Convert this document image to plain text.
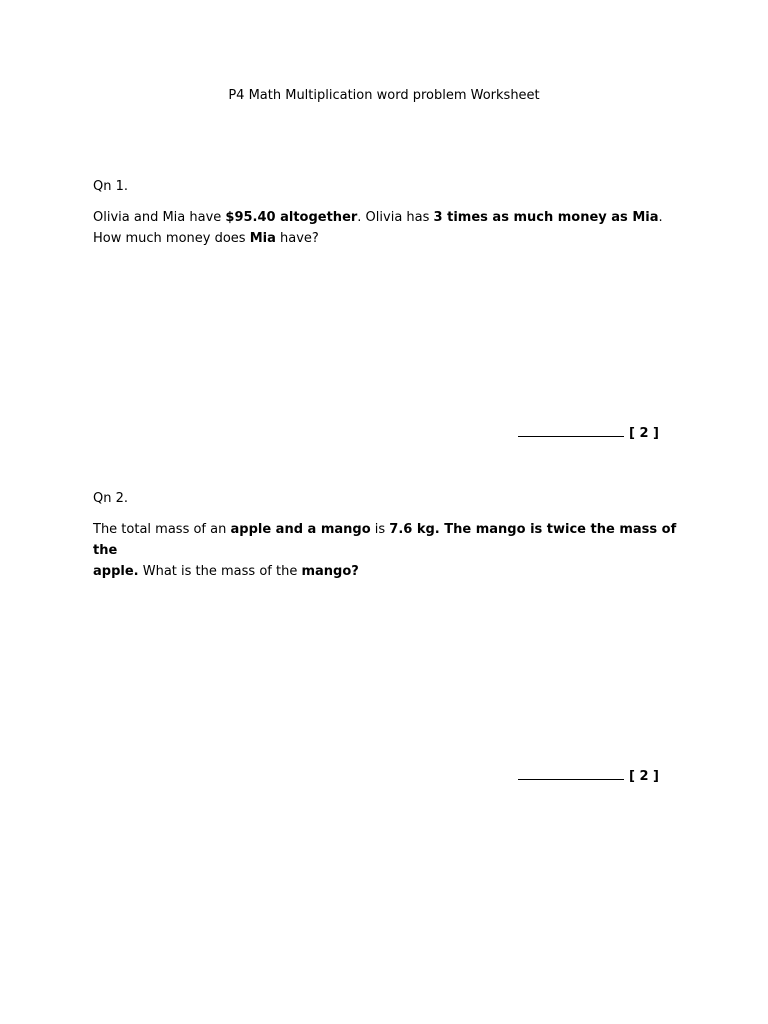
P4 Math Multiplication word problem Worksheet
Qn 1.
Olivia and Mia have $95.40 altogether. Olivia has 3 times as much money as Mia.
How much money does Mia have?
[ 2 ]
Qn 2.
The total mass of an apple and a mango is 7.6 kg. The mango is twice the mass of the
apple. What is the mass of the mango?
[ 2 ]
